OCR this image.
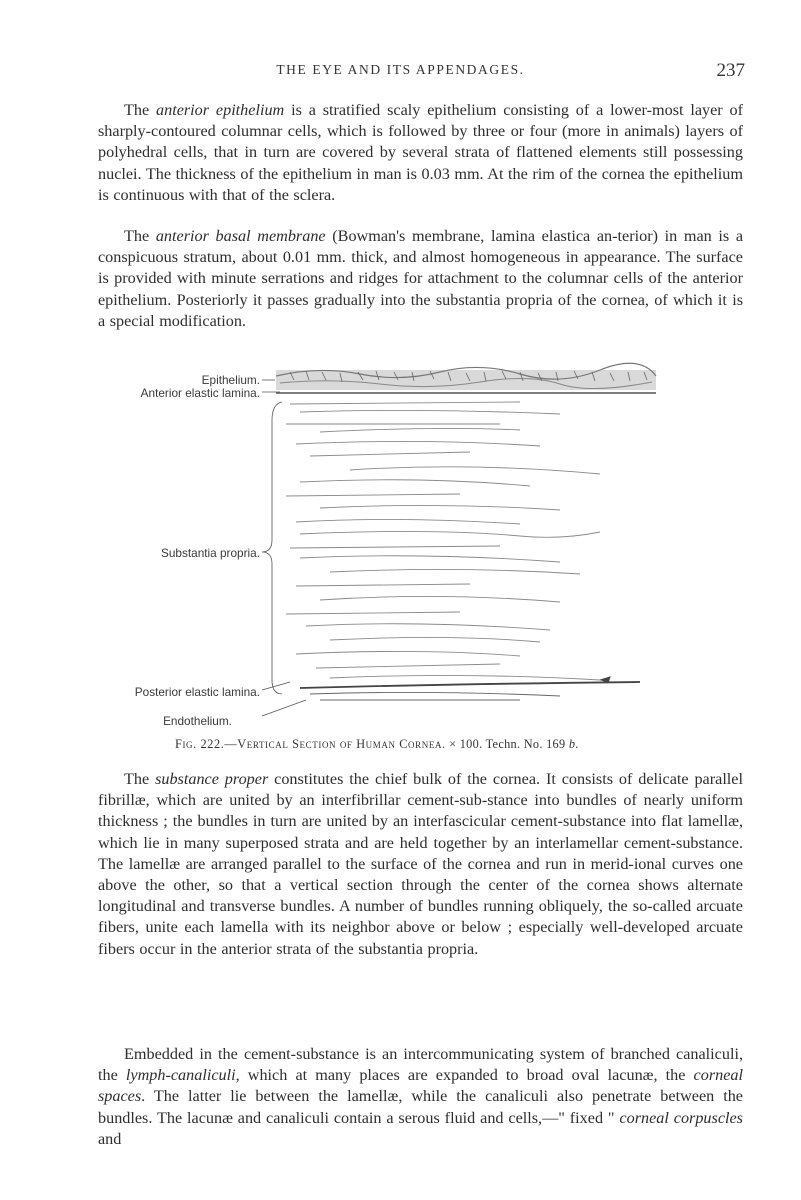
THE EYE AND ITS APPENDAGES.	237

The anterior epithelium is a stratified scaly epithelium consisting of a lower-most layer of sharply-contoured columnar cells, which is followed by three or four (more in animals) layers of polyhedral cells, that in turn are covered by several strata of flattened elements still possessing nuclei. The thickness of the epithelium in man is 0.03 mm. At the rim of the cornea the epithelium is continuous with that of the sclera.

The anterior basal membrane (Bowman's membrane, lamina elastica an-terior) in man is a conspicuous stratum, about 0.01 mm. thick, and almost homogeneous in appearance. The surface is provided with minute serrations and ridges for attachment to the columnar cells of the anterior epithelium. Posteriorly it passes gradually into the substantia propria of the cornea, of which it is a special modification.

Epithelium.
Anterior elastic lamina.
Substantia propria.
Posterior elastic lamina.
Endothelium.
Fig. 222.—Vertical Section of Human Cornea. × 100. Techn. No. 169 b.

The substance proper constitutes the chief bulk of the cornea. It consists of delicate parallel fibrillæ, which are united by an interfibrillar cement-sub-stance into bundles of nearly uniform thickness ; the bundles in turn are united by an interfascicular cement-substance into flat lamellæ, which lie in many superposed strata and are held together by an interlamellar cement-substance. The lamellæ are arranged parallel to the surface of the cornea and run in merid-ional curves one above the other, so that a vertical section through the center of the cornea shows alternate longitudinal and transverse bundles. A number of bundles running obliquely, the so-called arcuate fibers, unite each lamella with its neighbor above or below ; especially well-developed arcuate fibers occur in the anterior strata of the substantia propria.

Embedded in the cement-substance is an intercommunicating system of branched canaliculi, the lymph-canaliculi, which at many places are expanded to broad oval lacunæ, the corneal spaces. The latter lie between the lamellæ, while the canaliculi also penetrate between the bundles. The lacunæ and canaliculi contain a serous fluid and cells,—" fixed " corneal corpuscles and
